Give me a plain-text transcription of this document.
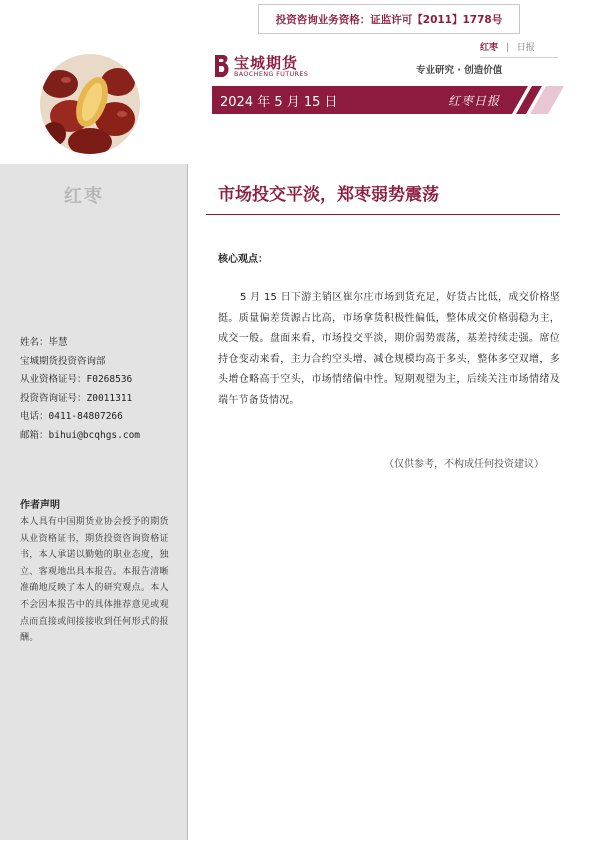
投资咨询业务资格：证监许可【2011】1778号
红枣
姓名：毕慧
宝城期货投资咨询部
从业资格证号：F0268536
投资咨询证号：Z0011311
电话：0411-84807266
邮箱：bihui@bcqhgs.com
作者声明
本人具有中国期货业协会授予的期货从业资格证书，期货投资咨询资格证书，本人承诺以勤勉的职业态度，独立、客观地出具本报告。本报告清晰准确地反映了本人的研究观点。本人不会因本报告中的具体推荐意见或观点而直接或间接接收到任何形式的报酬。
红枣 | 日报
宝城期货
BAOCHENG FUTURES	专业研究 · 创造价值
2024 年 5 月 15 日	红枣日报
市场投交平淡，郑枣弱势震荡
核心观点：
5 月 15 日下游主销区崔尔庄市场到货充足，好货占比低，成交价格坚挺。质量偏差货源占比高，市场拿货积极性偏低，整体成交价格弱稳为主，成交一般。盘面来看，市场投交平淡，期价弱势震荡，基差持续走强。席位持仓变动来看，主力合约空头增、减仓规模均高于多头，整体多空双增，多头增仓略高于空头，市场情绪偏中性。短期观望为主，后续关注市场情绪及端午节备货情况。
（仅供参考，不构成任何投资建议）
